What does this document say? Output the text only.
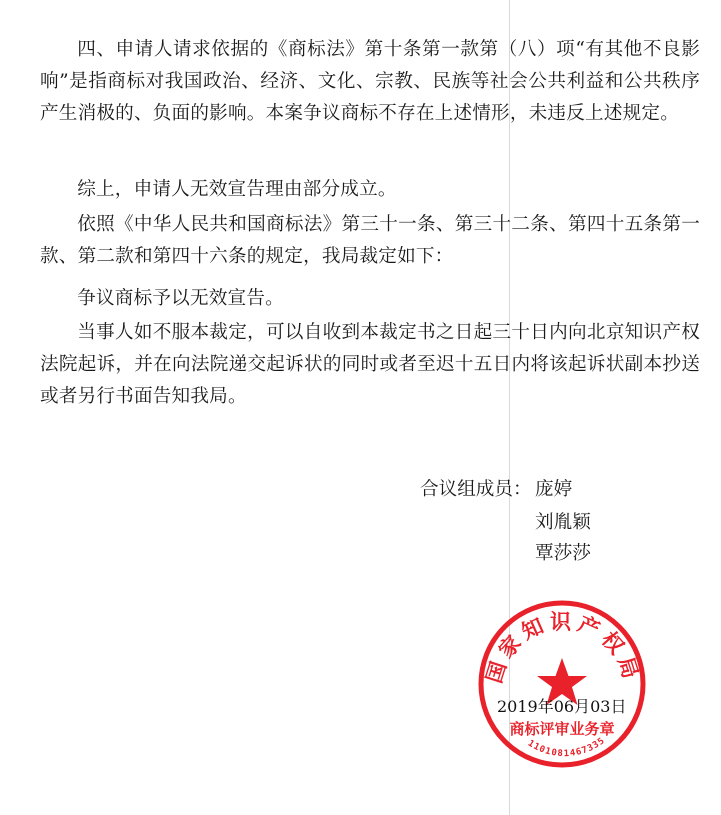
四、申请人请求依据的《商标法》第十条第一款第（八）项“有其他不良影响”是指商标对我国政治、经济、文化、宗教、民族等社会公共利益和公共秩序产生消极的、负面的影响。本案争议商标不存在上述情形，未违反上述规定。

综上，申请人无效宣告理由部分成立。

依照《中华人民共和国商标法》第三十一条、第三十二条、第四十五条第一款、第二款和第四十六条的规定，我局裁定如下：

争议商标予以无效宣告。

当事人如不服本裁定，可以自收到本裁定书之日起三十日内向北京知识产权法院起诉，并在向法院递交起诉状的同时或者至迟十五日内将该起诉状副本抄送或者另行书面告知我局。

合议组成员： 庞婷
刘胤颖
覃莎莎
国家知识产权局
商标评审业务章
1101081467335
2019年06月03日
